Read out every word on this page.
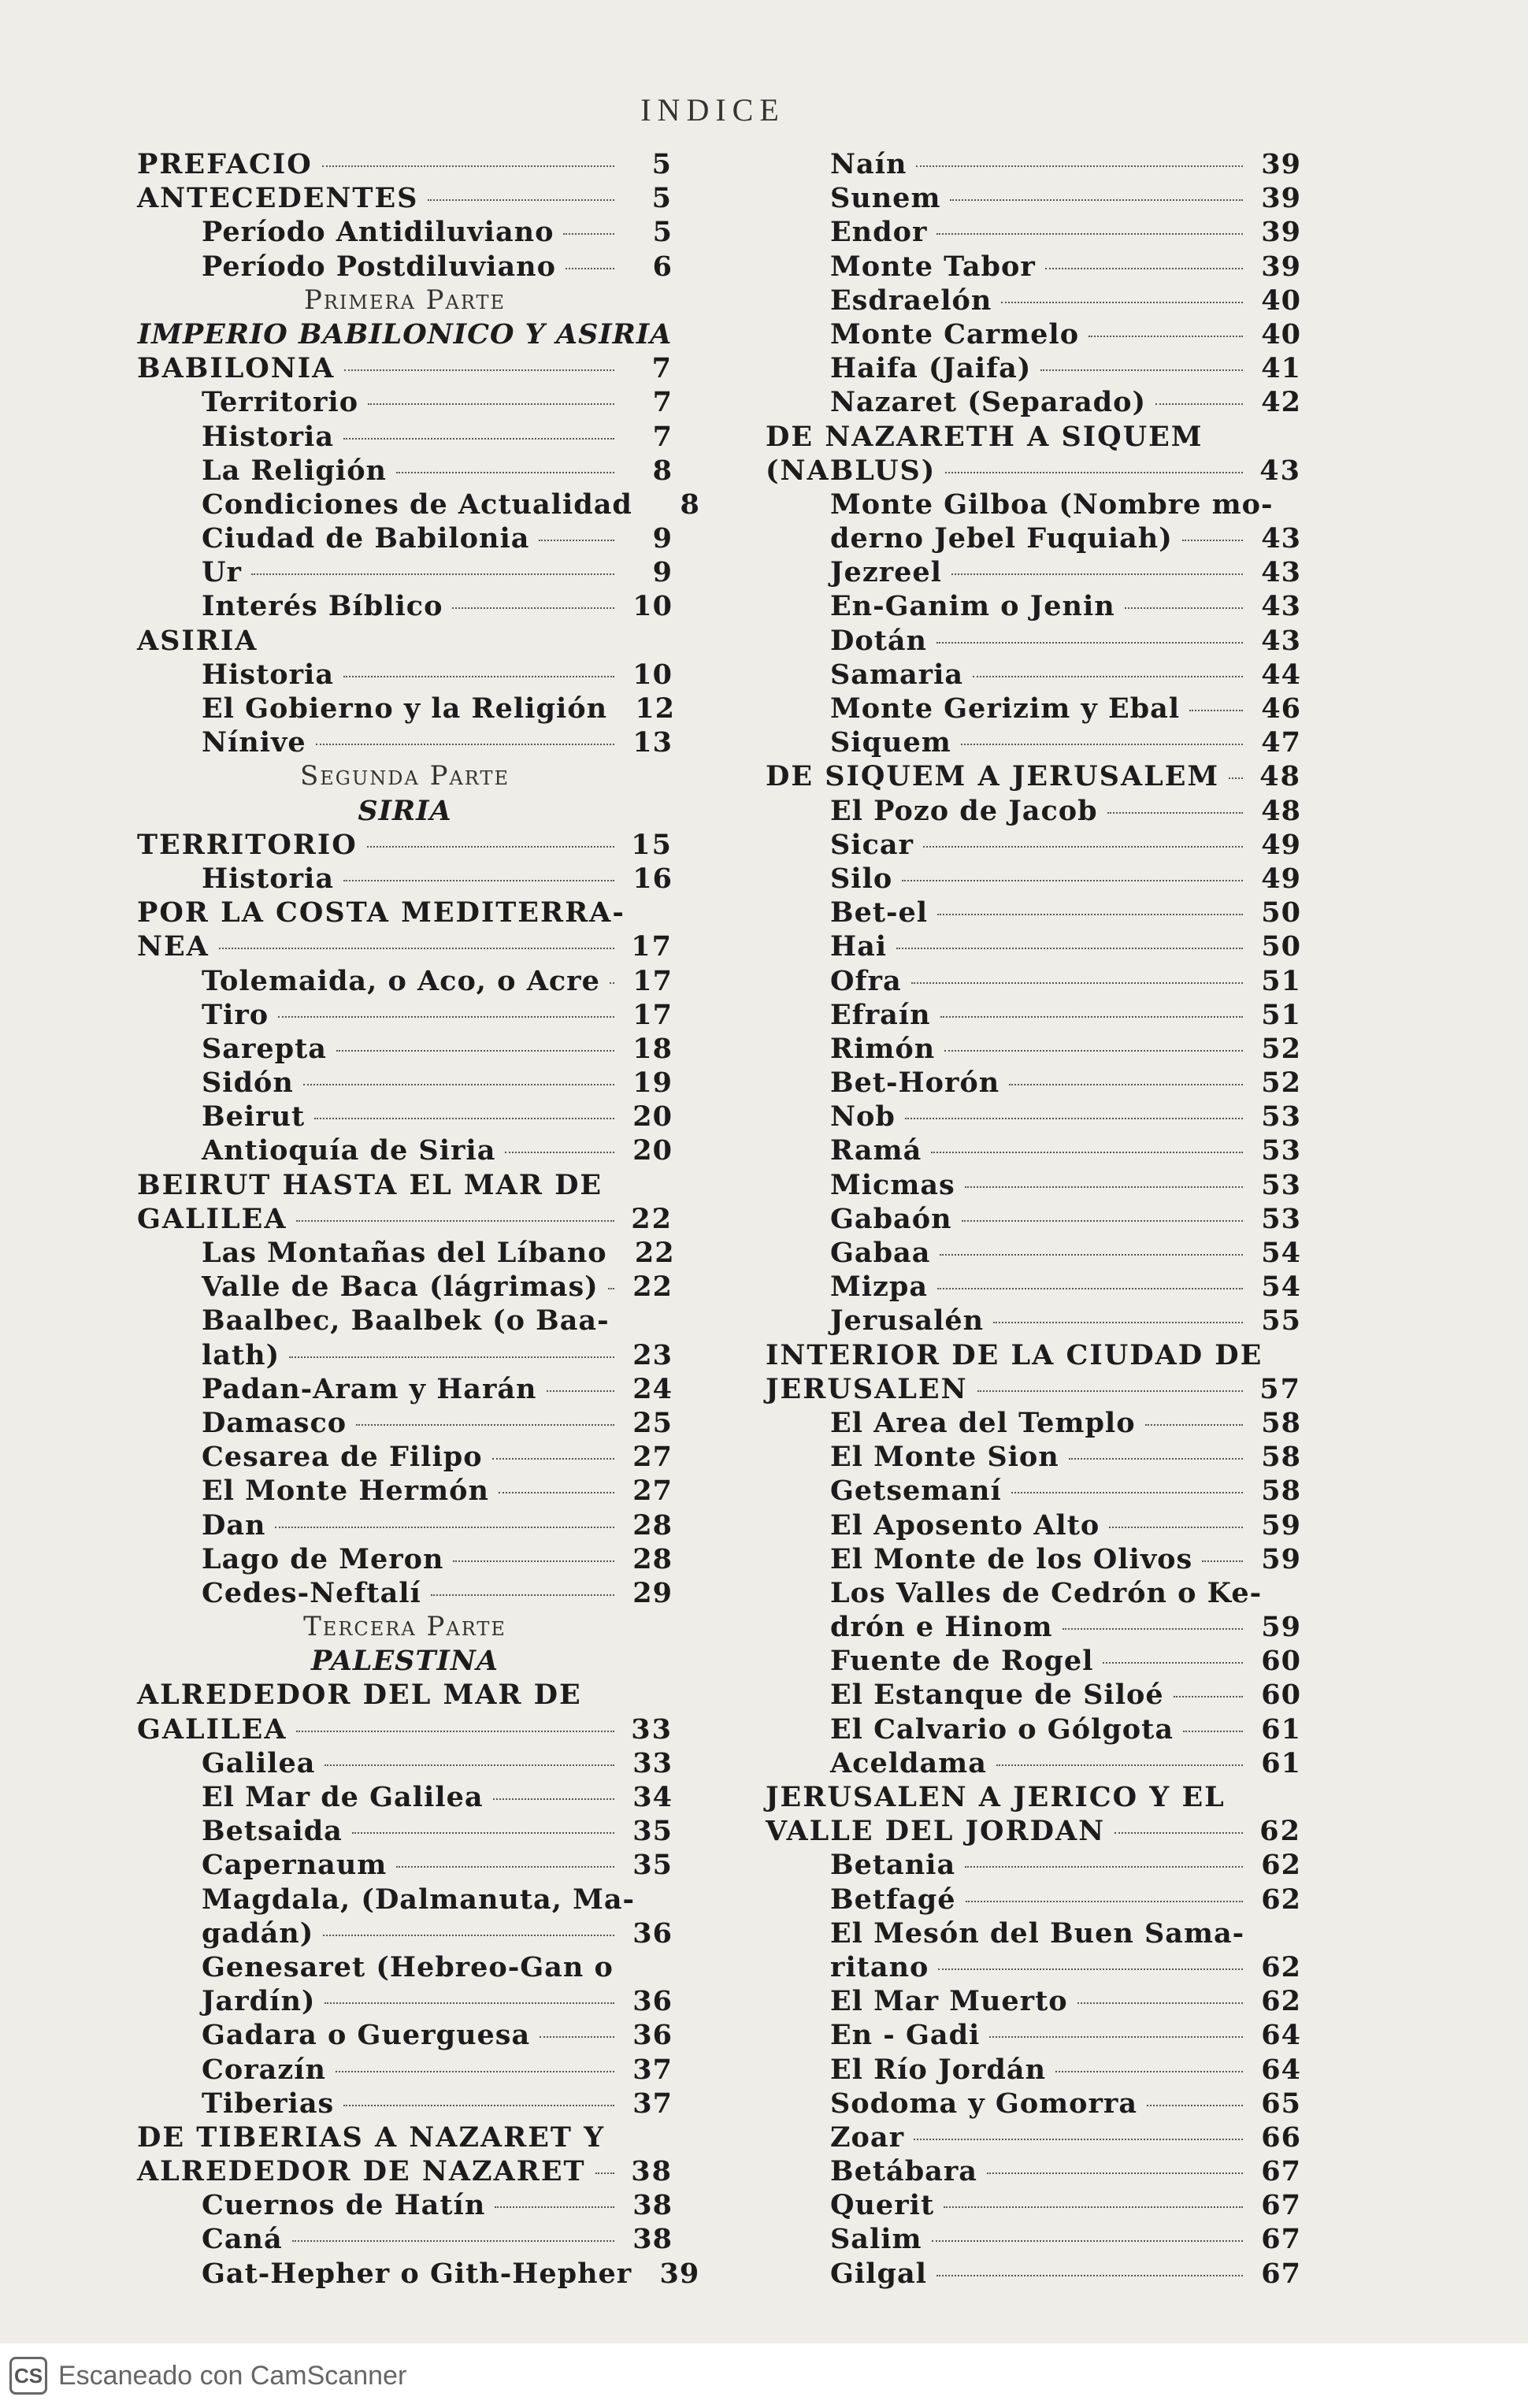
INDICE
PREFACIO	5
ANTECEDENTES	5
Período Antidiluviano	5
Período Postdiluviano	6
Primera Parte
IMPERIO BABILONICO Y ASIRIA
BABILONIA	7
Territorio	7
Historia	7
La Religión	8
Condiciones de Actualidad	8
Ciudad de Babilonia	9
Ur	9
Interés Bíblico	10
ASIRIA
Historia	10
El Gobierno y la Religión 12
Nínive	13
Segunda Parte
SIRIA
TERRITORIO	15
Historia	16
POR LA COSTA MEDITERRA-
NEA	17
Tolemaida, o Aco, o Acre 17
Tiro	17
Sarepta	18
Sidón	19
Beirut	20
Antioquía de Siria	20
BEIRUT HASTA EL MAR DE
GALILEA	22
Las Montañas del Líbano 22
Valle de Baca (lágrimas) 22
Baalbec, Baalbek (o Baa-
lath)	23
Padan-Aram y Harán	24
Damasco	25
Cesarea de Filipo	27
El Monte Hermón	27
Dan	28
Lago de Meron	28
Cedes-Neftalí	29
Tercera Parte
PALESTINA
ALREDEDOR DEL MAR DE
GALILEA	33
Galilea	33
El Mar de Galilea	34
Betsaida	35
Capernaum	35
Magdala, (Dalmanuta, Ma-
gadán)	36
Genesaret (Hebreo-Gan o
Jardín)	36
Gadara o Guerguesa	36
Corazín	37
Tiberias	37
DE TIBERIAS A NAZARET Y
ALREDEDOR DE NAZARET 38
Cuernos de Hatín	38
Caná	38
Gat-Hepher o Gith-Hepher 39
Naín	39
Sunem	39
Endor	39
Monte Tabor	39
Esdraelón	40
Monte Carmelo	40
Haifa (Jaifa)	41
Nazaret (Separado)	42
DE NAZARETH A SIQUEM
(NABLUS)	43
Monte Gilboa (Nombre mo-
derno Jebel Fuquiah)	43
Jezreel	43
En-Ganim o Jenin	43
Dotán	43
Samaria	44
Monte Gerizim y Ebal	46
Siquem	47
DE SIQUEM A JERUSALEM 48
El Pozo de Jacob	48
Sicar	49
Silo	49
Bet-el	50
Hai	50
Ofra	51
Efraín	51
Rimón	52
Bet-Horón	52
Nob	53
Ramá	53
Micmas	53
Gabaón	53
Gabaa	54
Mizpa	54
Jerusalén	55
INTERIOR DE LA CIUDAD DE
JERUSALEN	57
El Area del Templo	58
El Monte Sion	58
Getsemaní	58
El Aposento Alto	59
El Monte de los Olivos 59
Los Valles de Cedrón o Ke-
drón e Hinom	59
Fuente de Rogel	60
El Estanque de Siloé	60
El Calvario o Gólgota	61
Aceldama	61
JERUSALEN A JERICO Y EL
VALLE DEL JORDAN	62
Betania	62
Betfagé	62
El Mesón del Buen Sama-
ritano	62
El Mar Muerto	62
En - Gadi	64
El Río Jordán	64
Sodoma y Gomorra	65
Zoar	66
Betábara	67
Querit	67
Salim	67
Gilgal	67
CS Escaneado con CamScanner
